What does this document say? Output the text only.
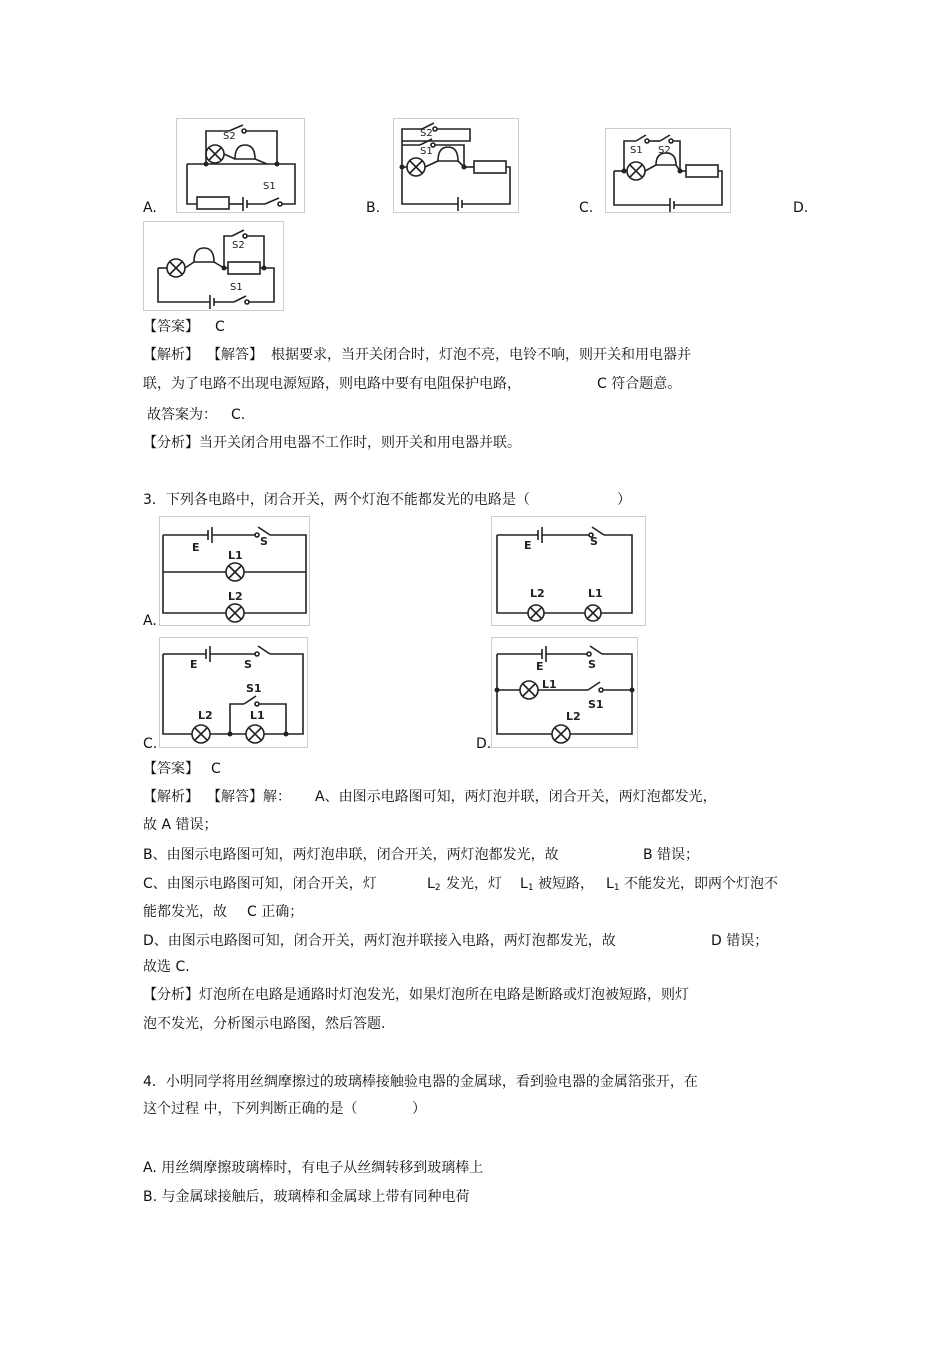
A.
S2
S1
B.
S2
S1
C.
S1 S2
D.
S2
S1
【答案】 C
【解析】 【解答】 根据要求，当开关闭合时，灯泡不亮，电铃不响，则开关和用电器并
联，为了电路不出现电源短路，则电路中要有电阻保护电路，	C 符合题意。
故答案为： C.
【分析】当开关闭合用电器不工作时，则开关和用电器并联。
3．下列各电路中，闭合开关，两个灯泡不能都发光的电路是（	）
A.
E	S
L1
L2
E	S
L2	L1
C.
E	S
S1
L2	L1
D.
E	S
L1
S1
L2
【答案】 C
【解析】 【解答】解： A、由图示电路图可知，两灯泡并联，闭合开关，两灯泡都发光，
故 A 错误；
B、由图示电路图可知，两灯泡串联，闭合开关，两灯泡都发光，故	B 错误；
C、由图示电路图可知，闭合开关，灯	$L_2$ 发光，灯 $L_1$ 被短路， $L_1$ 不能发光，即两个灯泡不
能都发光，故 C 正确；
D、由图示电路图可知，闭合开关，两灯泡并联接入电路，两灯泡都发光，故	D 错误；
故选 C.
【分析】灯泡所在电路是通路时灯泡发光，如果灯泡所在电路是断路或灯泡被短路，则灯
泡不发光，分析图示电路图，然后答题.
4．小明同学将用丝绸摩擦过的玻璃棒接触验电器的金属球，看到验电器的金属箔张开，在
这个过程 中，下列判断正确的是（	）
A. 用丝绸摩擦玻璃棒时，有电子从丝绸转移到玻璃棒上
B. 与金属球接触后，玻璃棒和金属球上带有同种电荷
